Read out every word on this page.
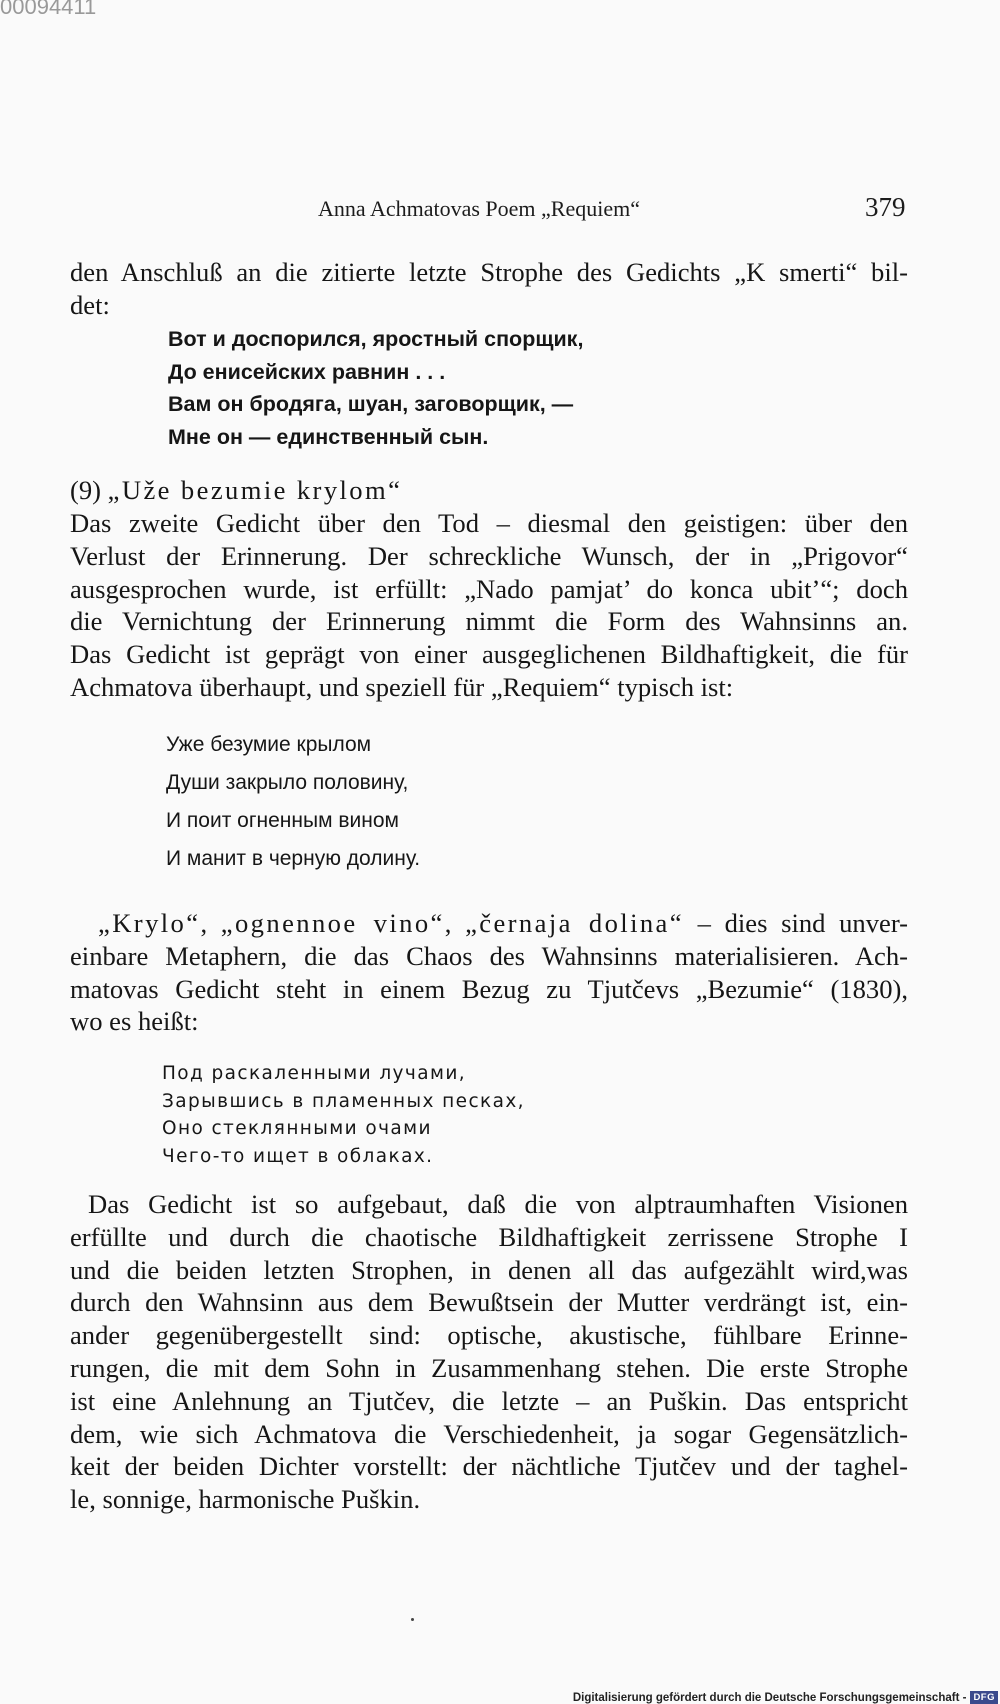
00094411
Anna Achmatovas Poem „Requiem“	379
den Anschluß an die zitierte letzte Strophe des Gedichts „K smerti“ bil-
det:
Вот и доспорился, яростный спорщик,
До енисейских равнин . . .
Вам он бродяга, шуан, заговорщик, —
Мне он — единственный сын.
(9) „Uže bezumie krylom“
Das zweite Gedicht über den Tod – diesmal den geistigen: über den
Verlust der Erinnerung. Der schreckliche Wunsch, der in „Prigovor“
ausgesprochen wurde, ist erfüllt: „Nado pamjat’ do konca ubit’“; doch
die Vernichtung der Erinnerung nimmt die Form des Wahnsinns an.
Das Gedicht ist geprägt von einer ausgeglichenen Bildhaftigkeit, die für
Achmatova überhaupt, und speziell für „Requiem“ typisch ist:
Уже безумие крылом
Души закрыло половину,
И поит огненным вином
И манит в черную долину.
„Krylo“, „ognennoe vino“, „černaja dolina“ – dies sind unver-
einbare Metaphern, die das Chaos des Wahnsinns materialisieren. Ach-
matovas Gedicht steht in einem Bezug zu Tjutčevs „Bezumie“ (1830),
wo es heißt:
Под раскаленными лучами,
Зарывшись в пламенных песках,
Оно стеклянными очами
Чего-то ищет в облаках.
Das Gedicht ist so aufgebaut, daß die von alptraumhaften Visionen
erfüllte und durch die chaotische Bildhaftigkeit zerrissene Strophe I
und die beiden letzten Strophen, in denen all das aufgezählt wird,was
durch den Wahnsinn aus dem Bewußtsein der Mutter verdrängt ist, ein-
ander gegenübergestellt sind: optische, akustische, fühlbare Erinne-
rungen, die mit dem Sohn in Zusammenhang stehen. Die erste Strophe
ist eine Anlehnung an Tjutčev, die letzte – an Puškin. Das entspricht
dem, wie sich Achmatova die Verschiedenheit, ja sogar Gegensätzlich-
keit der beiden Dichter vorstellt: der nächtliche Tjutčev und der taghel-
le, sonnige, harmonische Puškin.
Digitalisierung gefördert durch die Deutsche Forschungsgemeinschaft - DFG
